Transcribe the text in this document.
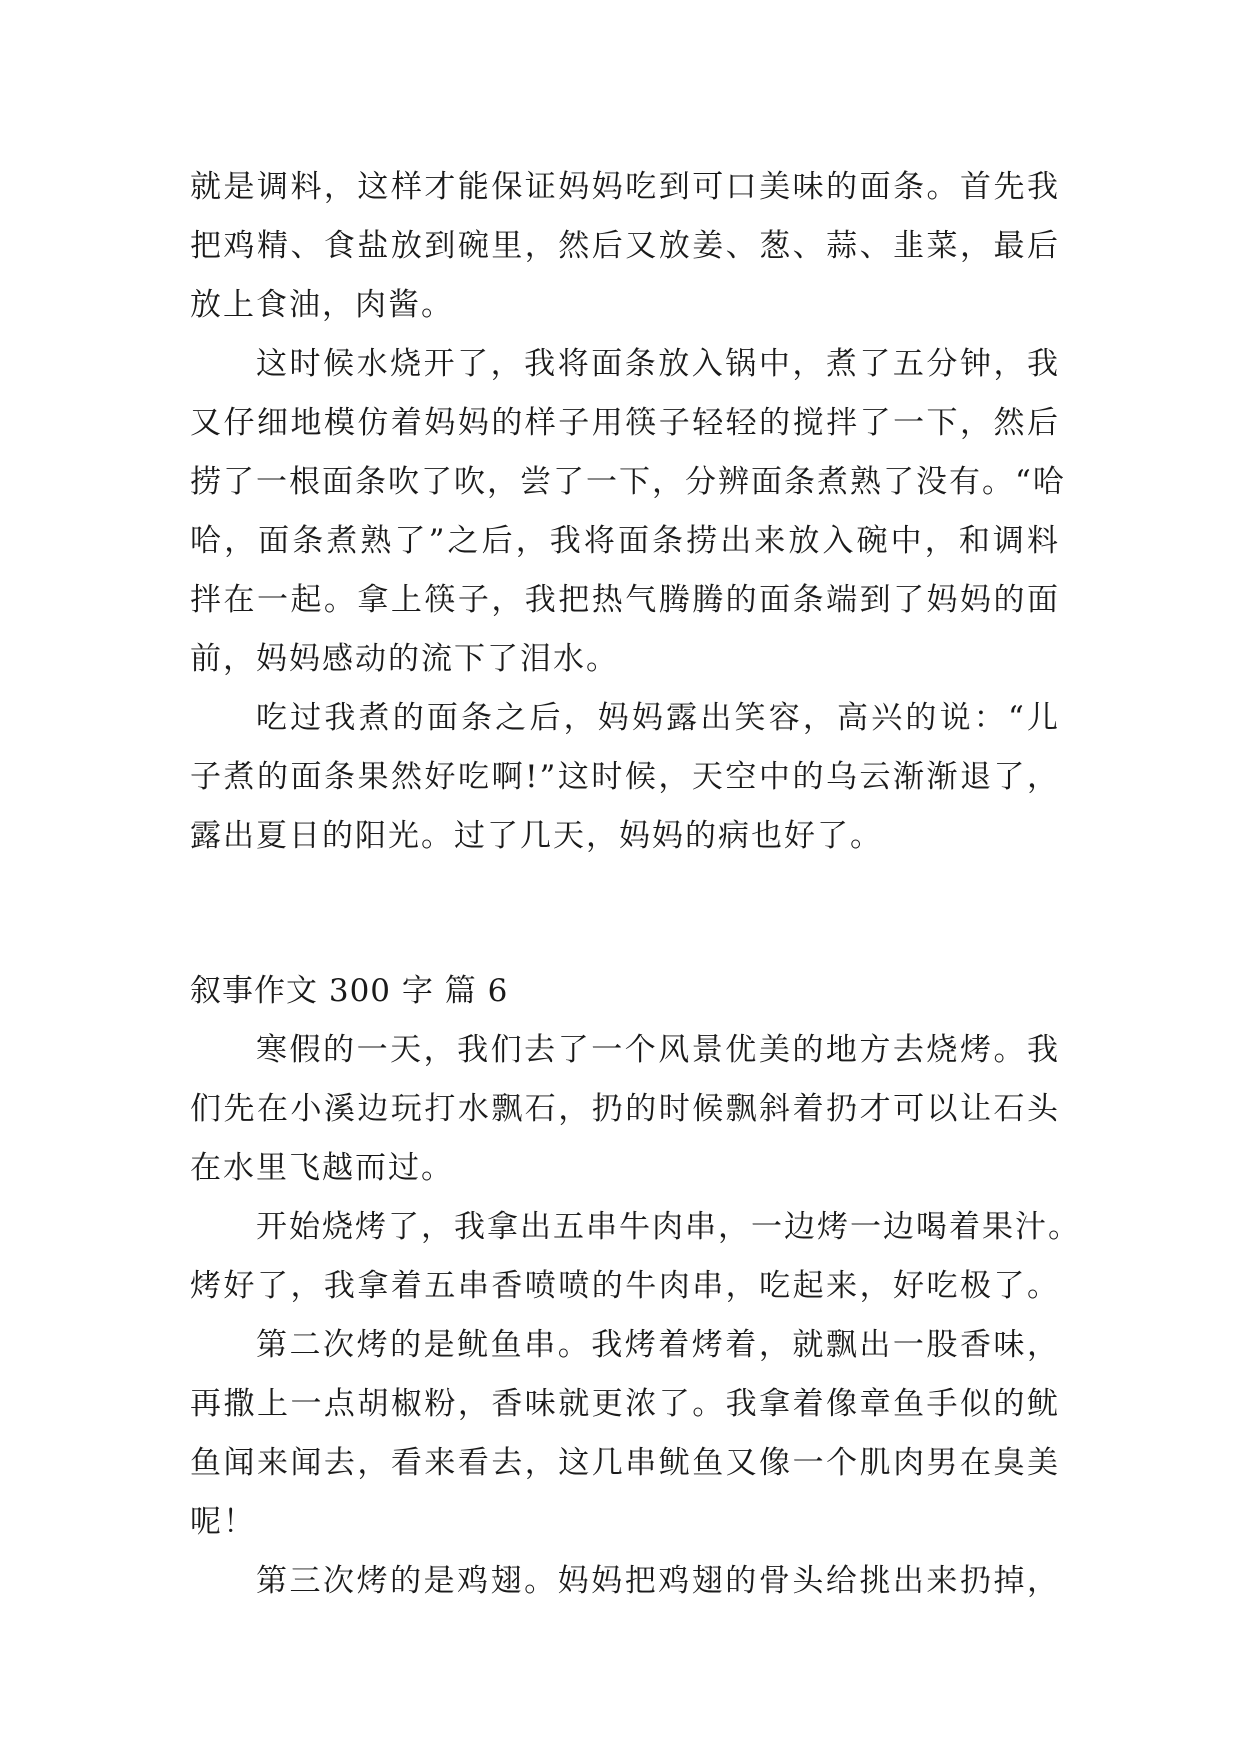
就是调料，这样才能保证妈妈吃到可口美味的面条。首先我
把鸡精、食盐放到碗里，然后又放姜、葱、蒜、韭菜，最后
放上食油，肉酱。
这时候水烧开了，我将面条放入锅中，煮了五分钟，我
又仔细地模仿着妈妈的样子用筷子轻轻的搅拌了一下，然后
捞了一根面条吹了吹，尝了一下，分辨面条煮熟了没有。“哈
哈，面条煮熟了”之后，我将面条捞出来放入碗中，和调料
拌在一起。拿上筷子，我把热气腾腾的面条端到了妈妈的面
前，妈妈感动的流下了泪水。
吃过我煮的面条之后，妈妈露出笑容，高兴的说：“儿
子煮的面条果然好吃啊!”这时候，天空中的乌云渐渐退了，
露出夏日的阳光。过了几天，妈妈的病也好了。
叙事作文 300 字 篇 6
寒假的一天，我们去了一个风景优美的地方去烧烤。我
们先在小溪边玩打水飘石，扔的时候飘斜着扔才可以让石头
在水里飞越而过。
开始烧烤了，我拿出五串牛肉串，一边烤一边喝着果汁。
烤好了，我拿着五串香喷喷的牛肉串，吃起来，好吃极了。
第二次烤的是鱿鱼串。我烤着烤着，就飘出一股香味，
再撒上一点胡椒粉，香味就更浓了。我拿着像章鱼手似的鱿
鱼闻来闻去，看来看去，这几串鱿鱼又像一个肌肉男在臭美
呢！
第三次烤的是鸡翅。妈妈把鸡翅的骨头给挑出来扔掉，
